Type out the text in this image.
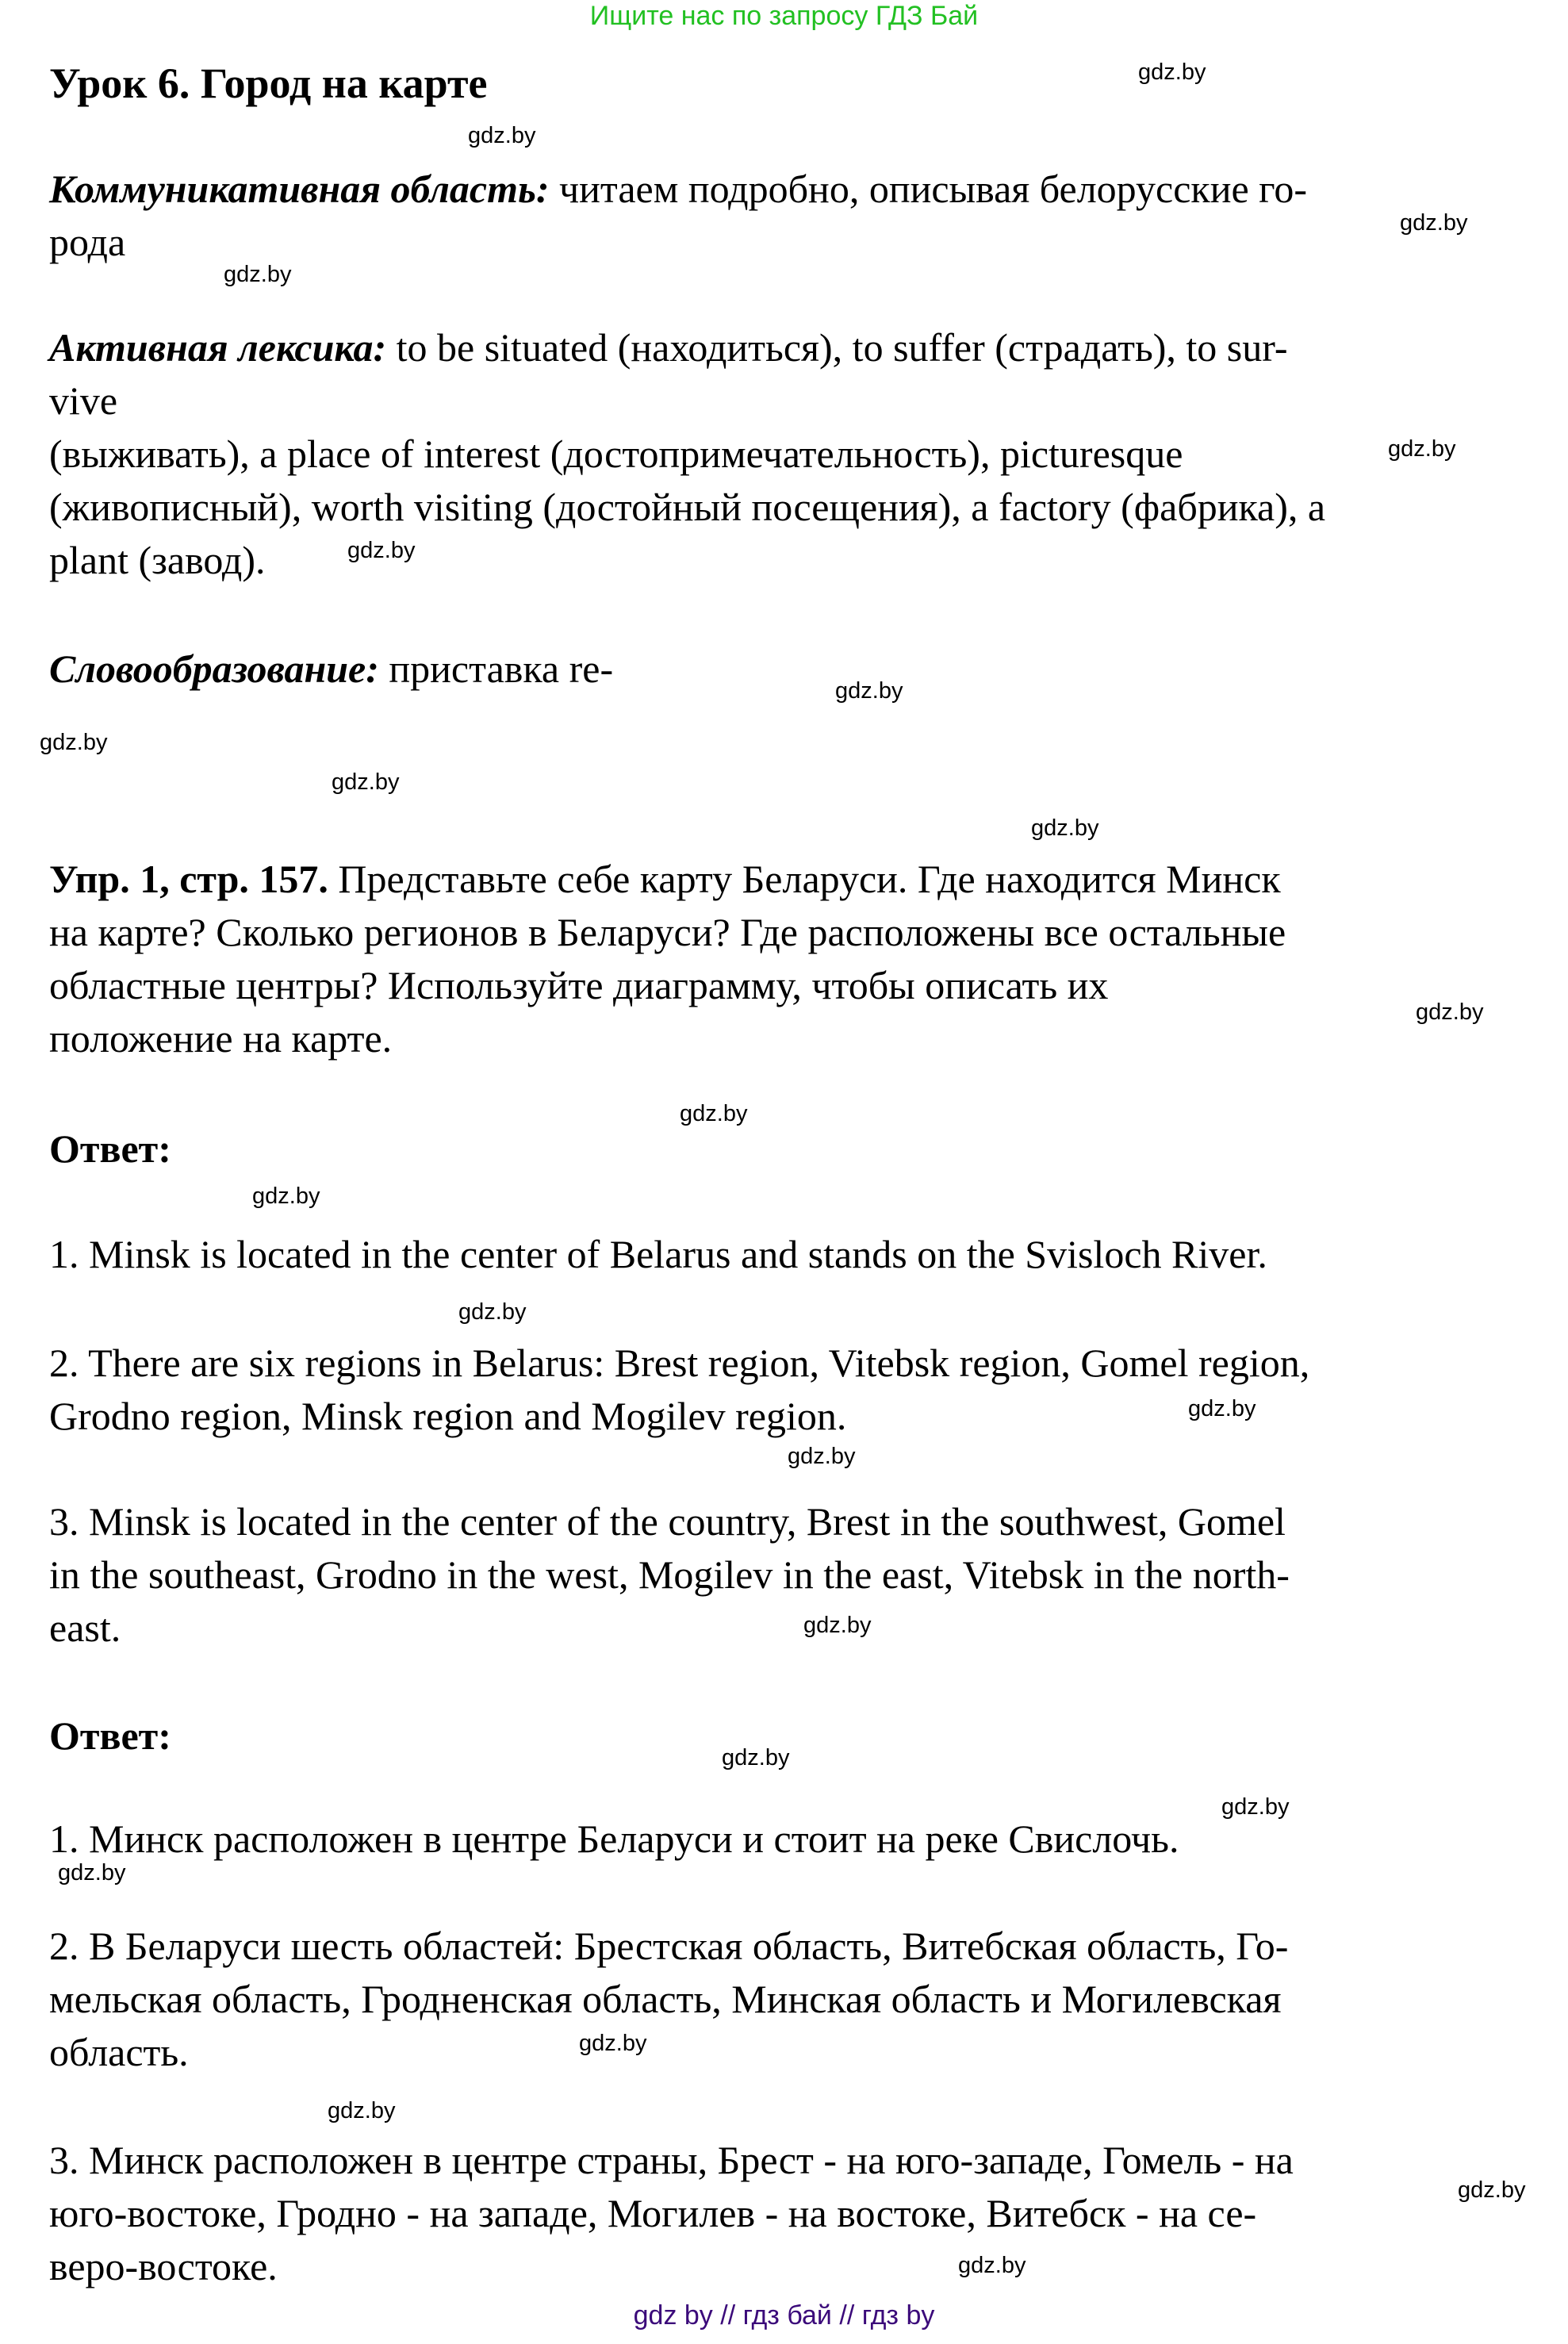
Ищите нас по запросу ГДЗ Бай
Урок 6. Город на карте
Коммуникативная область: читаем подробно, описывая белорусские го-
рода
Активная лексика: to be situated (находиться), to suffer (страдать), to sur-
vive
(выживать), a place of interest (достопримечательность), picturesque
(живописный), worth visiting (достойный посещения), a factory (фабрика), a
plant (завод).
Словообразование: приставка re-
Упр. 1, стр. 157. Представьте себе карту Беларуси. Где находится Минск
на карте? Сколько регионов в Беларуси? Где расположены все остальные
областные центры? Используйте диаграмму, чтобы описать их
положение на карте.
Ответ:
1. Minsk is located in the center of Belarus and stands on the Svisloch River.
2. There are six regions in Belarus: Brest region, Vitebsk region, Gomel region,
Grodno region, Minsk region and Mogilev region.
3. Minsk is located in the center of the country, Brest in the southwest, Gomel
in the southeast, Grodno in the west, Mogilev in the east, Vitebsk in the north-
east.
Ответ:
1. Минск расположен в центре Беларуси и стоит на реке Свислочь.
2. В Беларуси шесть областей: Брестская область, Витебская область, Го-
мельская область, Гродненская область, Минская область и Могилевская
область.
3. Минск расположен в центре страны, Брест - на юго-западе, Гомель - на
юго-востоке, Гродно - на западе, Могилев - на востоке, Витебск - на се-
веро-востоке.
gdz.by
gdz.by
gdz.by
gdz.by
gdz.by
gdz.by
gdz.by
gdz.by
gdz.by
gdz.by
gdz.by
gdz.by
gdz.by
gdz.by
gdz.by
gdz.by
gdz.by
gdz.by
gdz.by
gdz.by
gdz.by
gdz.by
gdz.by
gdz.by
gdz by // гдз бай // гдз by
